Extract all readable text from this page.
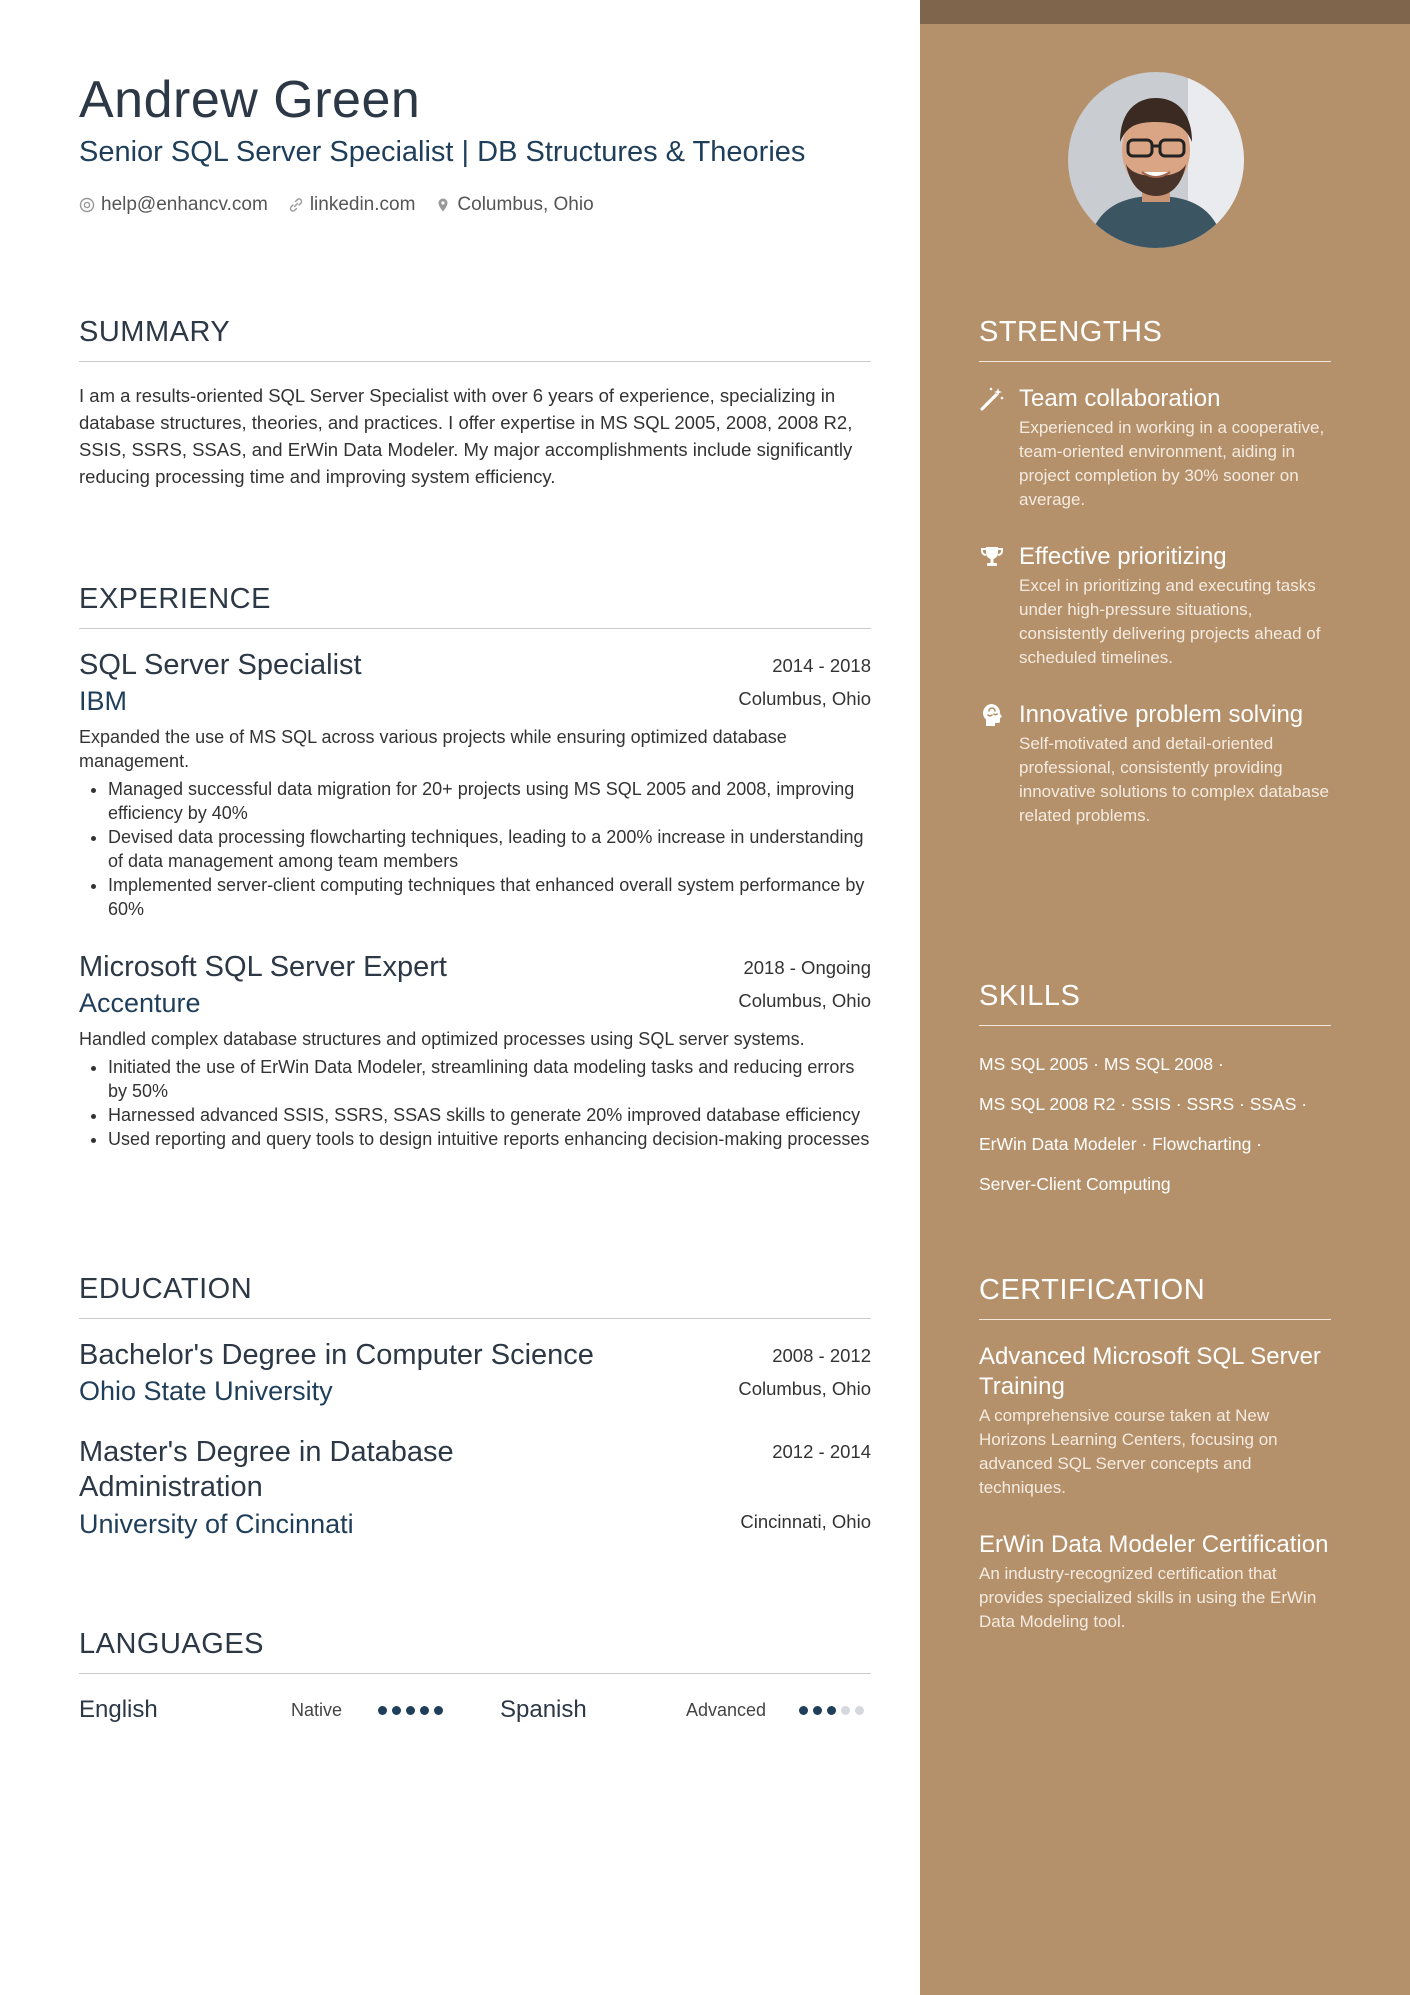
Andrew Green
Senior SQL Server Specialist | DB Structures & Theories
help@enhancv.com linkedin.com Columbus, Ohio
SUMMARY
I am a results-oriented SQL Server Specialist with over 6 years of experience, specializing in database structures, theories, and practices. I offer expertise in MS SQL 2005, 2008, 2008 R2, SSIS, SSRS, SSAS, and ErWin Data Modeler. My major accomplishments include significantly reducing processing time and improving system efficiency.
EXPERIENCE
SQL Server Specialist	2014 - 2018
IBM	Columbus, Ohio
Expanded the use of MS SQL across various projects while ensuring optimized database management.
• Managed successful data migration for 20+ projects using MS SQL 2005 and 2008, improving efficiency by 40%
• Devised data processing flowcharting techniques, leading to a 200% increase in understanding of data management among team members
• Implemented server-client computing techniques that enhanced overall system performance by 60%
Microsoft SQL Server Expert	2018 - Ongoing
Accenture	Columbus, Ohio
Handled complex database structures and optimized processes using SQL server systems.
• Initiated the use of ErWin Data Modeler, streamlining data modeling tasks and reducing errors by 50%
• Harnessed advanced SSIS, SSRS, SSAS skills to generate 20% improved database efficiency
• Used reporting and query tools to design intuitive reports enhancing decision-making processes
EDUCATION
Bachelor's Degree in Computer Science	2008 - 2012
Ohio State University	Columbus, Ohio
Master's Degree in Database Administration
2012 - 2014
University of Cincinnati	Cincinnati, Ohio
LANGUAGES
English	Native	Spanish	Advanced
STRENGTHS
Team collaboration
Experienced in working in a cooperative, team-oriented environment, aiding in project completion by 30% sooner on average.
Effective prioritizing
Excel in prioritizing and executing tasks under high-pressure situations, consistently delivering projects ahead of scheduled timelines.
Innovative problem solving
Self-motivated and detail-oriented professional, consistently providing innovative solutions to complex database related problems.
SKILLS
MS SQL 2005 · MS SQL 2008 ·
MS SQL 2008 R2 · SSIS · SSRS · SSAS ·
ErWin Data Modeler · Flowcharting ·
Server-Client Computing
CERTIFICATION
Advanced Microsoft SQL Server Training
A comprehensive course taken at New Horizons Learning Centers, focusing on advanced SQL Server concepts and techniques.
ErWin Data Modeler Certification
An industry-recognized certification that provides specialized skills in using the ErWin Data Modeling tool.
